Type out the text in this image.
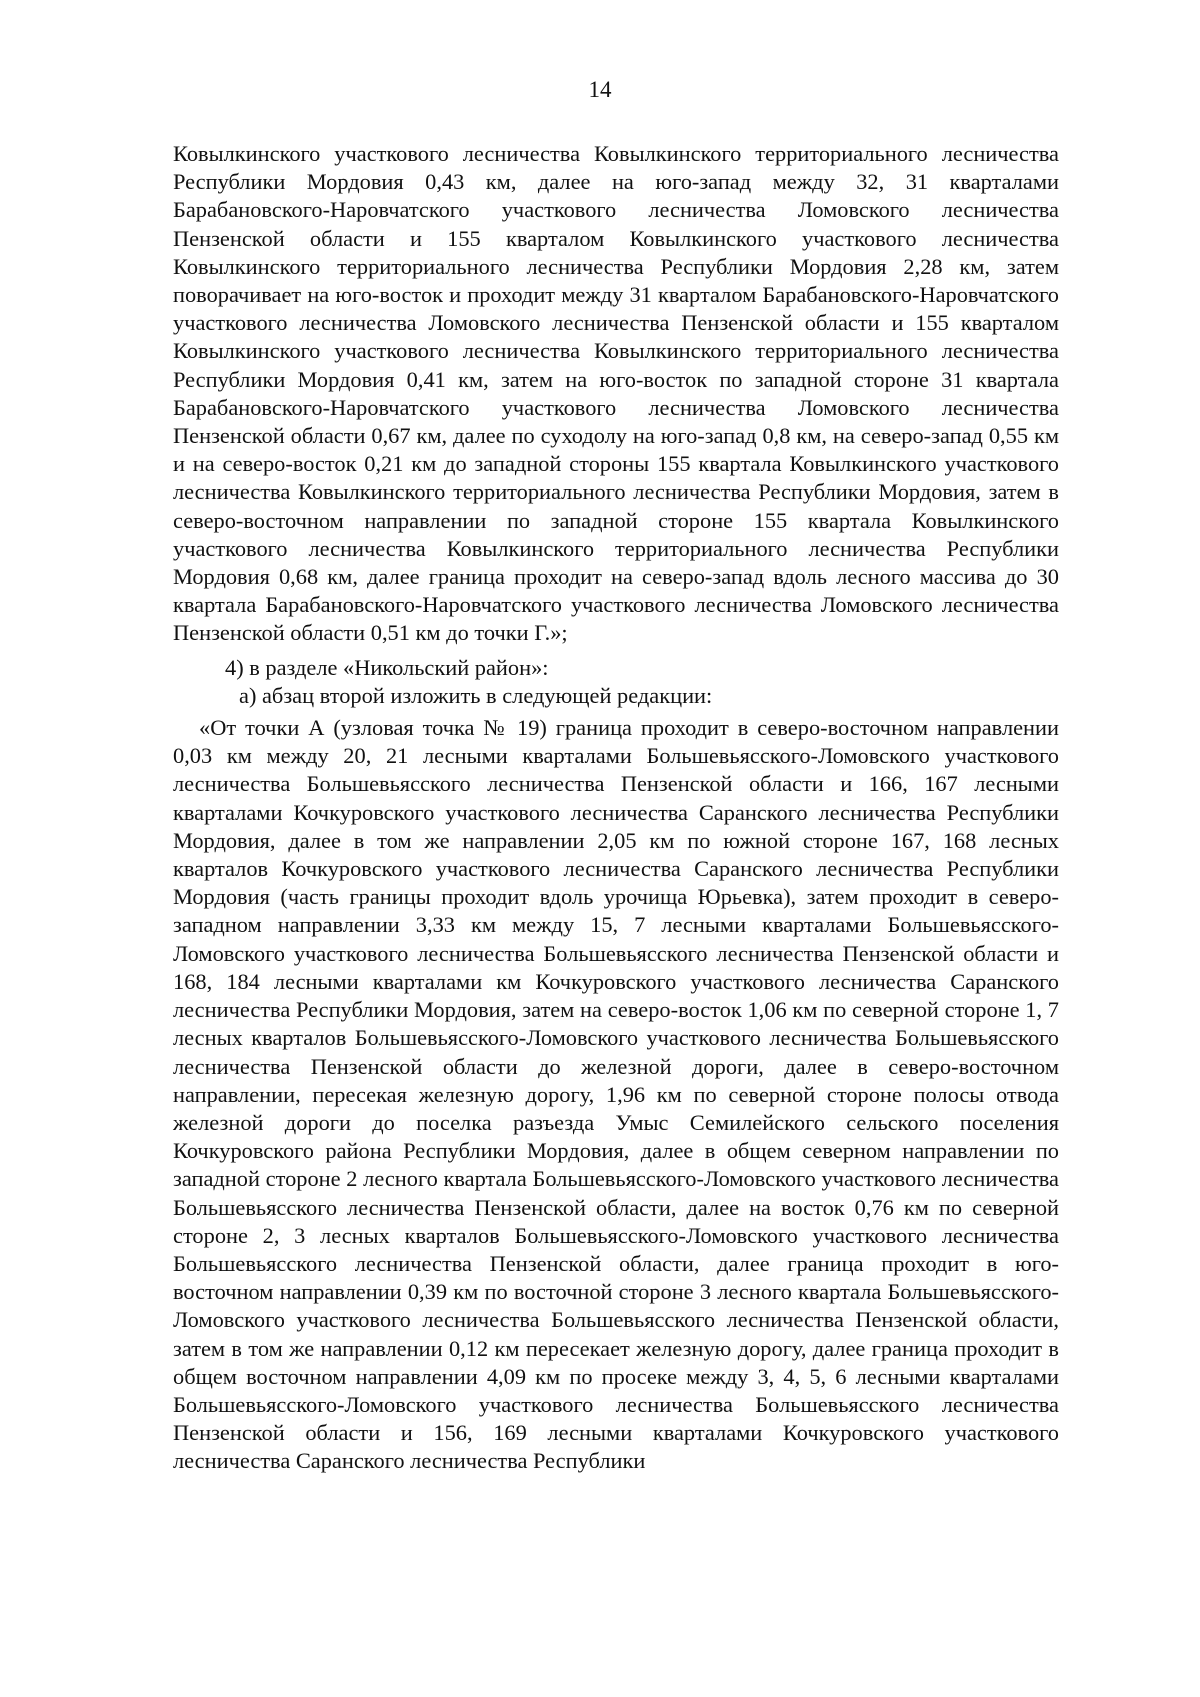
14

Ковылкинского участкового лесничества Ковылкинского территориального лесничества Республики Мордовия 0,43 км, далее на юго-запад между 32, 31 кварталами Барабановского-Наровчатского участкового лесничества Ломовского лесничества Пензенской области и 155 кварталом Ковылкинского участкового лесничества Ковылкинского территориального лесничества Республики Мордовия 2,28 км, затем поворачивает на юго-восток и проходит между 31 кварталом Барабановского-Наровчатского участкового лесничества Ломовского лесничества Пензенской области и 155 кварталом Ковылкинского участкового лесничества Ковылкинского территориального лесничества Республики Мордовия 0,41 км, затем на юго-восток по западной стороне 31 квартала Барабановского-Наровчатского участкового лесничества Ломовского лесничества Пензенской области 0,67 км, далее по суходолу на юго-запад 0,8 км, на северо-запад 0,55 км и на северо-восток 0,21 км до западной стороны 155 квартала Ковылкинского участкового лесничества Ковылкинского территориального лесничества Республики Мордовия, затем в северо-восточном направлении по западной стороне 155 квартала Ковылкинского участкового лесничества Ковылкинского территориального лесничества Республики Мордовия 0,68 км, далее граница проходит на северо-запад вдоль лесного массива до 30 квартала Барабановского-Наровчатского участкового лесничества Ломовского лесничества Пензенской области 0,51 км до точки Г.»;

4) в разделе «Никольский район»:

а) абзац второй изложить в следующей редакции:

«От точки А (узловая точка № 19) граница проходит в северо-восточном направлении 0,03 км между 20, 21 лесными кварталами Большевьясского-Ломовского участкового лесничества Большевьясского лесничества Пензенской области и 166, 167 лесными кварталами Кочкуровского участкового лесничества Саранского лесничества Республики Мордовия, далее в том же направлении 2,05 км по южной стороне 167, 168 лесных кварталов Кочкуровского участкового лесничества Саранского лесничества Республики Мордовия (часть границы проходит вдоль урочища Юрьевка), затем проходит в северо-западном направлении 3,33 км между 15, 7 лесными кварталами Большевьясского-Ломовского участкового лесничества Большевьясского лесничества Пензенской области и 168, 184 лесными кварталами км Кочкуровского участкового лесничества Саранского лесничества Республики Мордовия, затем на северо-восток 1,06 км по северной стороне 1, 7 лесных кварталов Большевьясского-Ломовского участкового лесничества Большевьясского лесничества Пензенской области до железной дороги, далее в северо-восточном направлении, пересекая железную дорогу, 1,96 км по северной стороне полосы отвода железной дороги до поселка разъезда Умыс Семилейского сельского поселения Кочкуровского района Республики Мордовия, далее в общем северном направлении по западной стороне 2 лесного квартала Большевьясского-Ломовского участкового лесничества Большевьясского лесничества Пензенской области, далее на восток 0,76 км по северной стороне 2, 3 лесных кварталов Большевьясского-Ломовского участкового лесничества Большевьясского лесничества Пензенской области, далее граница проходит в юго-восточном направлении 0,39 км по восточной стороне 3 лесного квартала Большевьясского-Ломовского участкового лесничества Большевьясского лесничества Пензенской области, затем в том же направлении 0,12 км пересекает железную дорогу, далее граница проходит в общем восточном направлении 4,09 км по просеке между 3, 4, 5, 6 лесными кварталами Большевьясского-Ломовского участкового лесничества Большевьясского лесничества Пензенской области и 156, 169 лесными кварталами Кочкуровского участкового лесничества Саранского лесничества Республики
